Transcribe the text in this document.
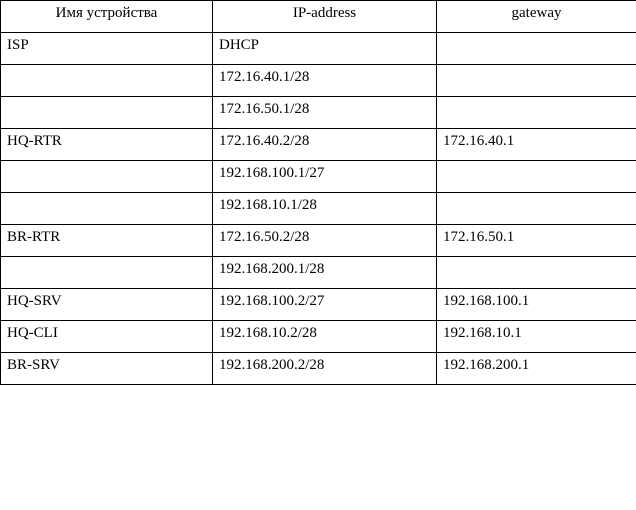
Имя устройства	IP-address	gateway
ISP	DHCP	
	172.16.40.1/28	
	172.16.50.1/28	
HQ-RTR	172.16.40.2/28	172.16.40.1
	192.168.100.1/27	
	192.168.10.1/28	
BR-RTR	172.16.50.2/28	172.16.50.1
	192.168.200.1/28	
HQ-SRV	192.168.100.2/27	192.168.100.1
HQ-CLI	192.168.10.2/28	192.168.10.1
BR-SRV	192.168.200.2/28	192.168.200.1
